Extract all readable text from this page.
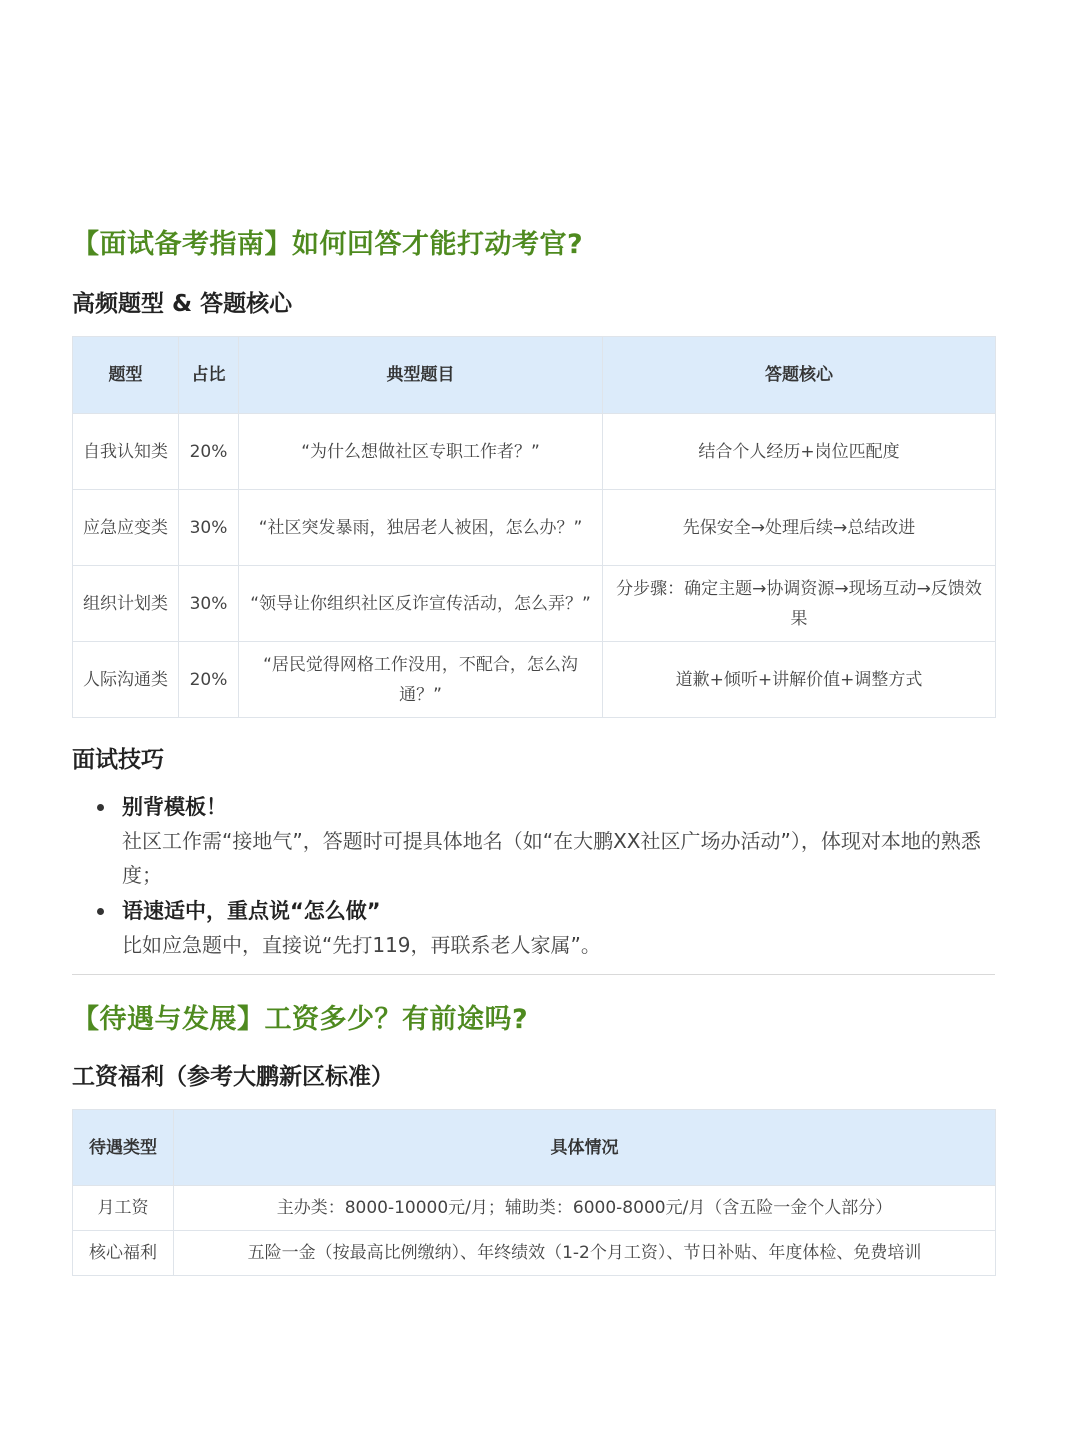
【面试备考指南】如何回答才能打动考官?
高频题型 & 答题核心
题型	占比	典型题目	答题核心
自我认知类	20%	“为什么想做社区专职工作者？”	结合个人经历+岗位匹配度
应急应变类	30%	“社区突发暴雨，独居老人被困，怎么办？”	先保安全→处理后续→总结改进
组织计划类	30%	“领导让你组织社区反诈宣传活动，怎么弄？”	分步骤：确定主题→协调资源→现场互动→反馈效果
人际沟通类	20%	“居民觉得网格工作没用，不配合，怎么沟通？”	道歉+倾听+讲解价值+调整方式
面试技巧
别背模板！
社区工作需“接地气”，答题时可提具体地名（如“在大鹏XX社区广场办活动”），体现对本地的熟悉度；
语速适中，重点说“怎么做”
比如应急题中，直接说“先打119，再联系老人家属”。
【待遇与发展】工资多少？有前途吗?
工资福利（参考大鹏新区标准）
待遇类型	具体情况
月工资	主办类：8000-10000元/月；辅助类：6000-8000元/月（含五险一金个人部分）
核心福利	五险一金（按最高比例缴纳）、年终绩效（1-2个月工资）、节日补贴、年度体检、免费培训
